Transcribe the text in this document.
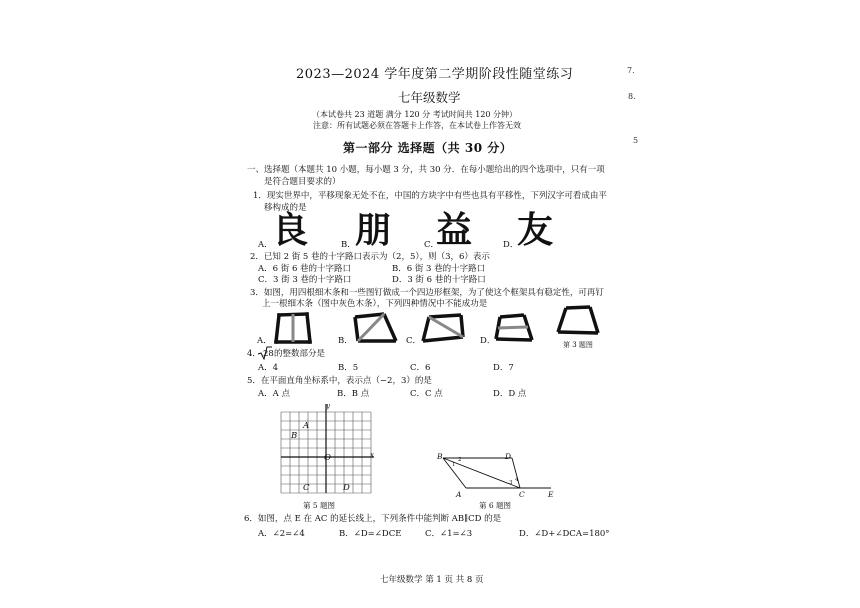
7.
8.
5
2023—2024 学年度第二学期阶段性随堂练习
七年级数学
（本试卷共 23 道题 满分 120 分 考试时间共 120 分钟）
注意：所有试题必须在答题卡上作答，在本试卷上作答无效
第一部分 选择题（共 30 分）
一、选择题（本题共 10 小题，每小题 3 分，共 30 分．在每小题给出的四个选项中，只有一项
是符合题目要求的）
1．现实世界中，平移现象无处不在，中国的方块字中有些也具有平移性，下列汉字可看成由平
移构成的是
A． 良	B． 朋	C．
益	D．
友
2．已知 2 街 5 巷的十字路口表示为（2，5），则（3，6）表示
A．6 街 6 巷的十字路口	B．6 街 3 巷的十字路口
C．3 街 3 巷的十字路口	D．3 街 6 巷的十字路口
3．如图，用四根细木条和一些图钉做成一个四边形框架，为了使这个框架具有稳定性，可再钉
上一根细木条（图中灰色木条），下列四种情况中不能成功是
A．	B．	C．	D．	第 3 题图
4． 28 的整数部分是
A．4	B．5	C．6	D．7
5．在平面直角坐标系中，表示点（−2，3）的是
A．A 点	B．B 点	C．C 点	D．D 点
y
x
A
B
O
C	D
第 5 题图
B	D
A	C	E
1
2
3 4
第 6 题图
6．如图，点 E 在 AC 的延长线上，下列条件中能判断 AB∥CD 的是
A．∠2=∠4	B．∠D=∠DCE	C．∠1=∠3	D．∠D+∠DCA=180°
七年级数学 第 1 页 共 8 页
